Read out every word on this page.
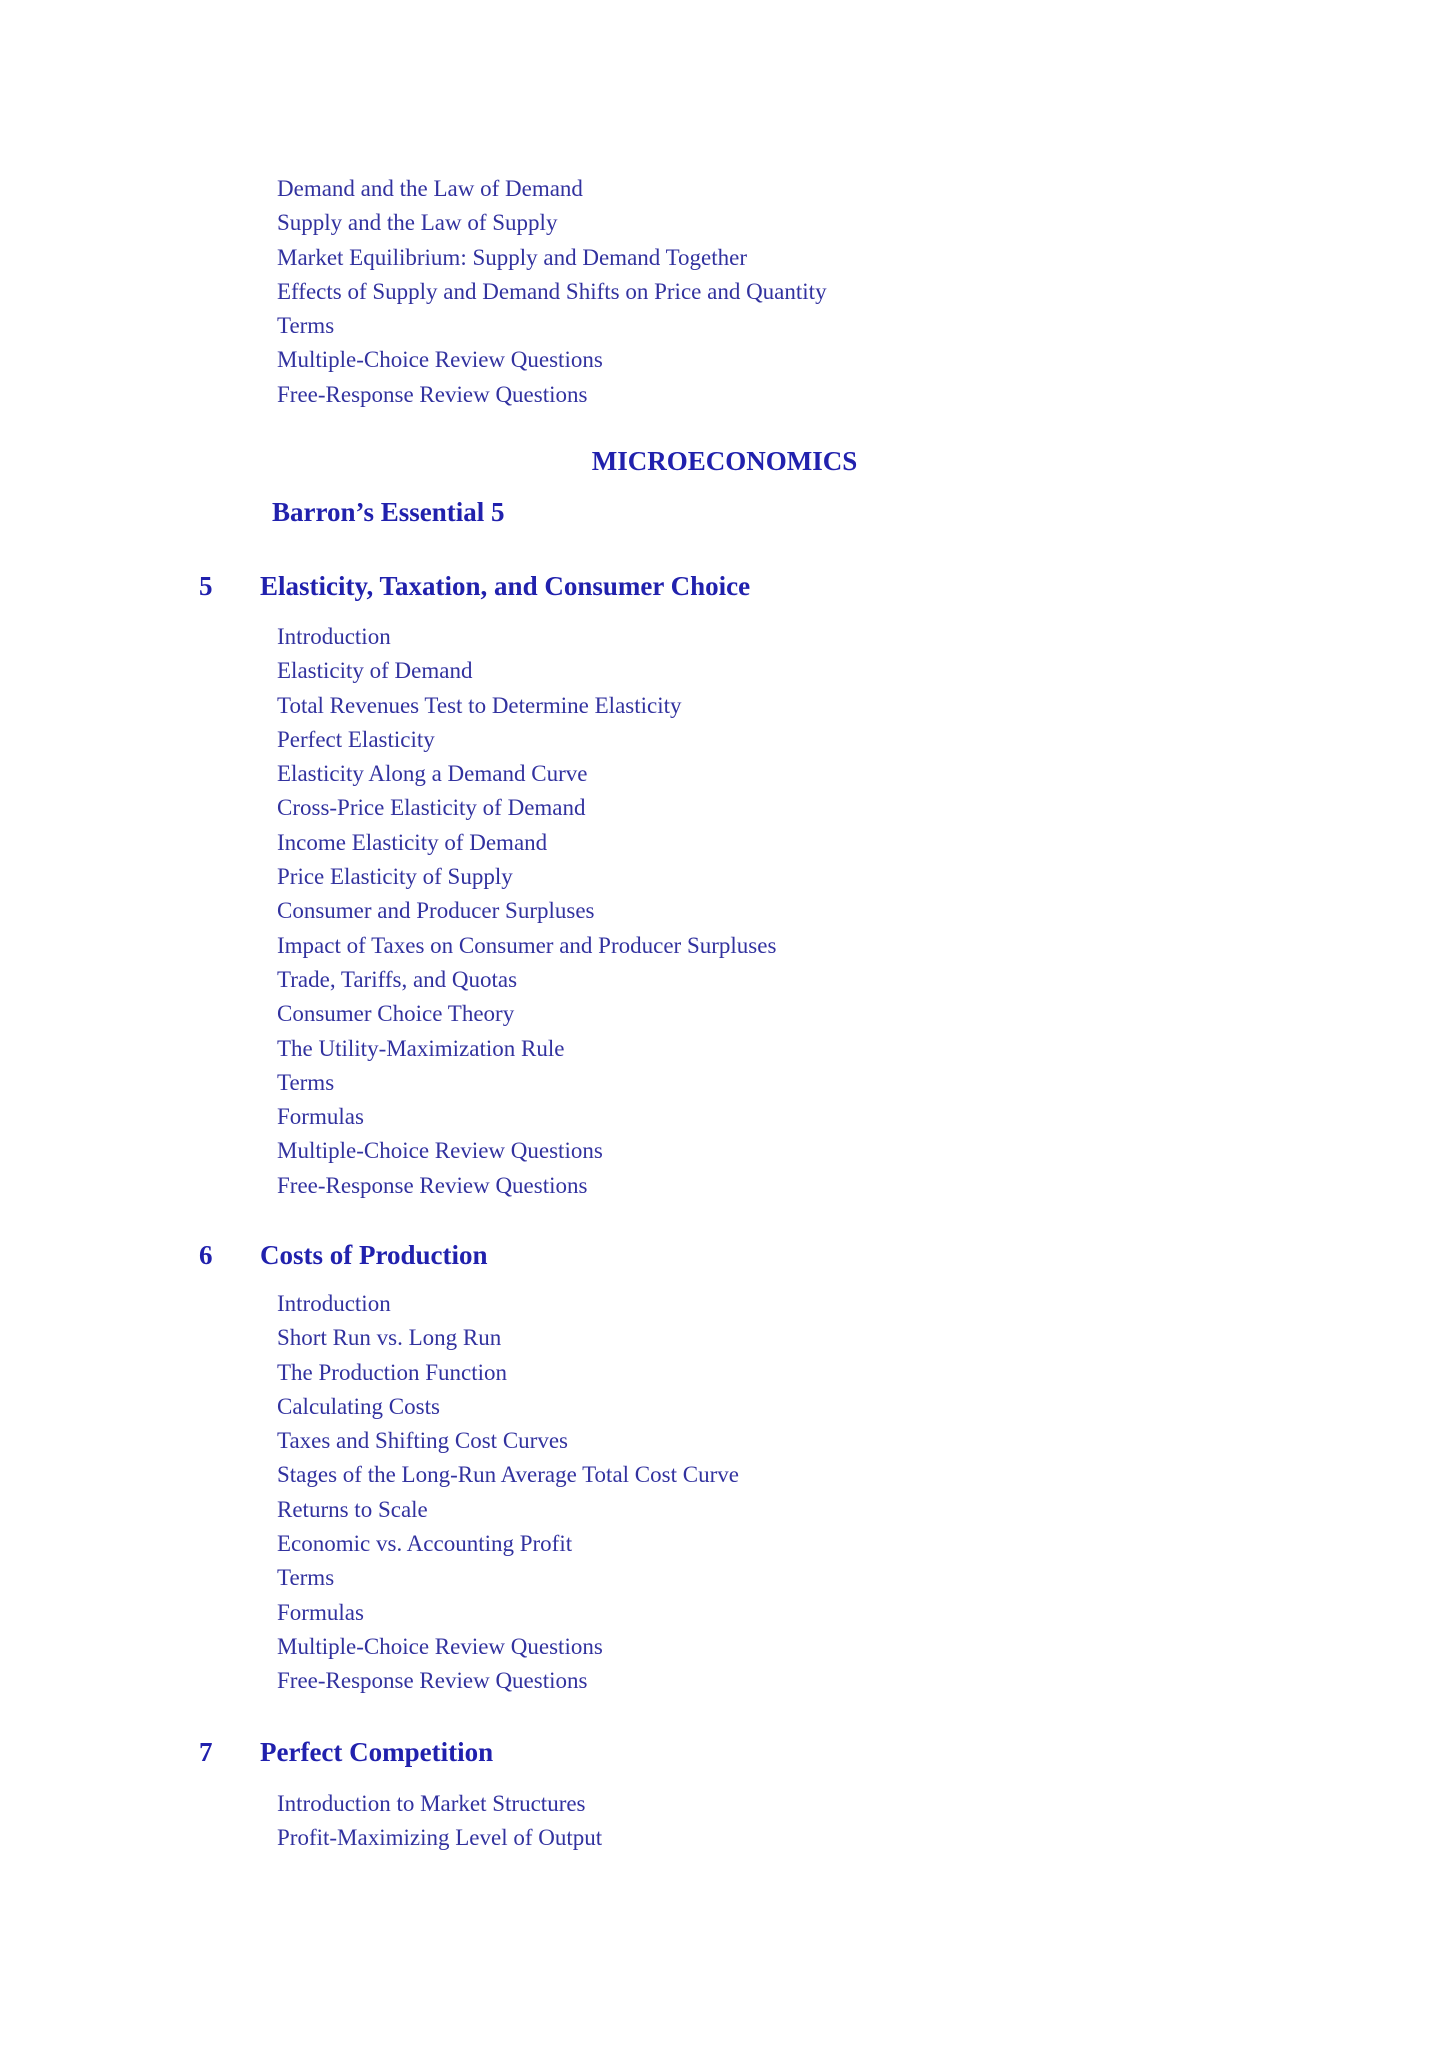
Demand and the Law of Demand
Supply and the Law of Supply
Market Equilibrium: Supply and Demand Together
Effects of Supply and Demand Shifts on Price and Quantity
Terms
Multiple-Choice Review Questions
Free-Response Review Questions
MICROECONOMICS
Barron’s Essential 5
5 Elasticity, Taxation, and Consumer Choice
Introduction
Elasticity of Demand
Total Revenues Test to Determine Elasticity
Perfect Elasticity
Elasticity Along a Demand Curve
Cross-Price Elasticity of Demand
Income Elasticity of Demand
Price Elasticity of Supply
Consumer and Producer Surpluses
Impact of Taxes on Consumer and Producer Surpluses
Trade, Tariffs, and Quotas
Consumer Choice Theory
The Utility-Maximization Rule
Terms
Formulas
Multiple-Choice Review Questions
Free-Response Review Questions
6 Costs of Production
Introduction
Short Run vs. Long Run
The Production Function
Calculating Costs
Taxes and Shifting Cost Curves
Stages of the Long-Run Average Total Cost Curve
Returns to Scale
Economic vs. Accounting Profit
Terms
Formulas
Multiple-Choice Review Questions
Free-Response Review Questions
7 Perfect Competition
Introduction to Market Structures
Profit-Maximizing Level of Output
